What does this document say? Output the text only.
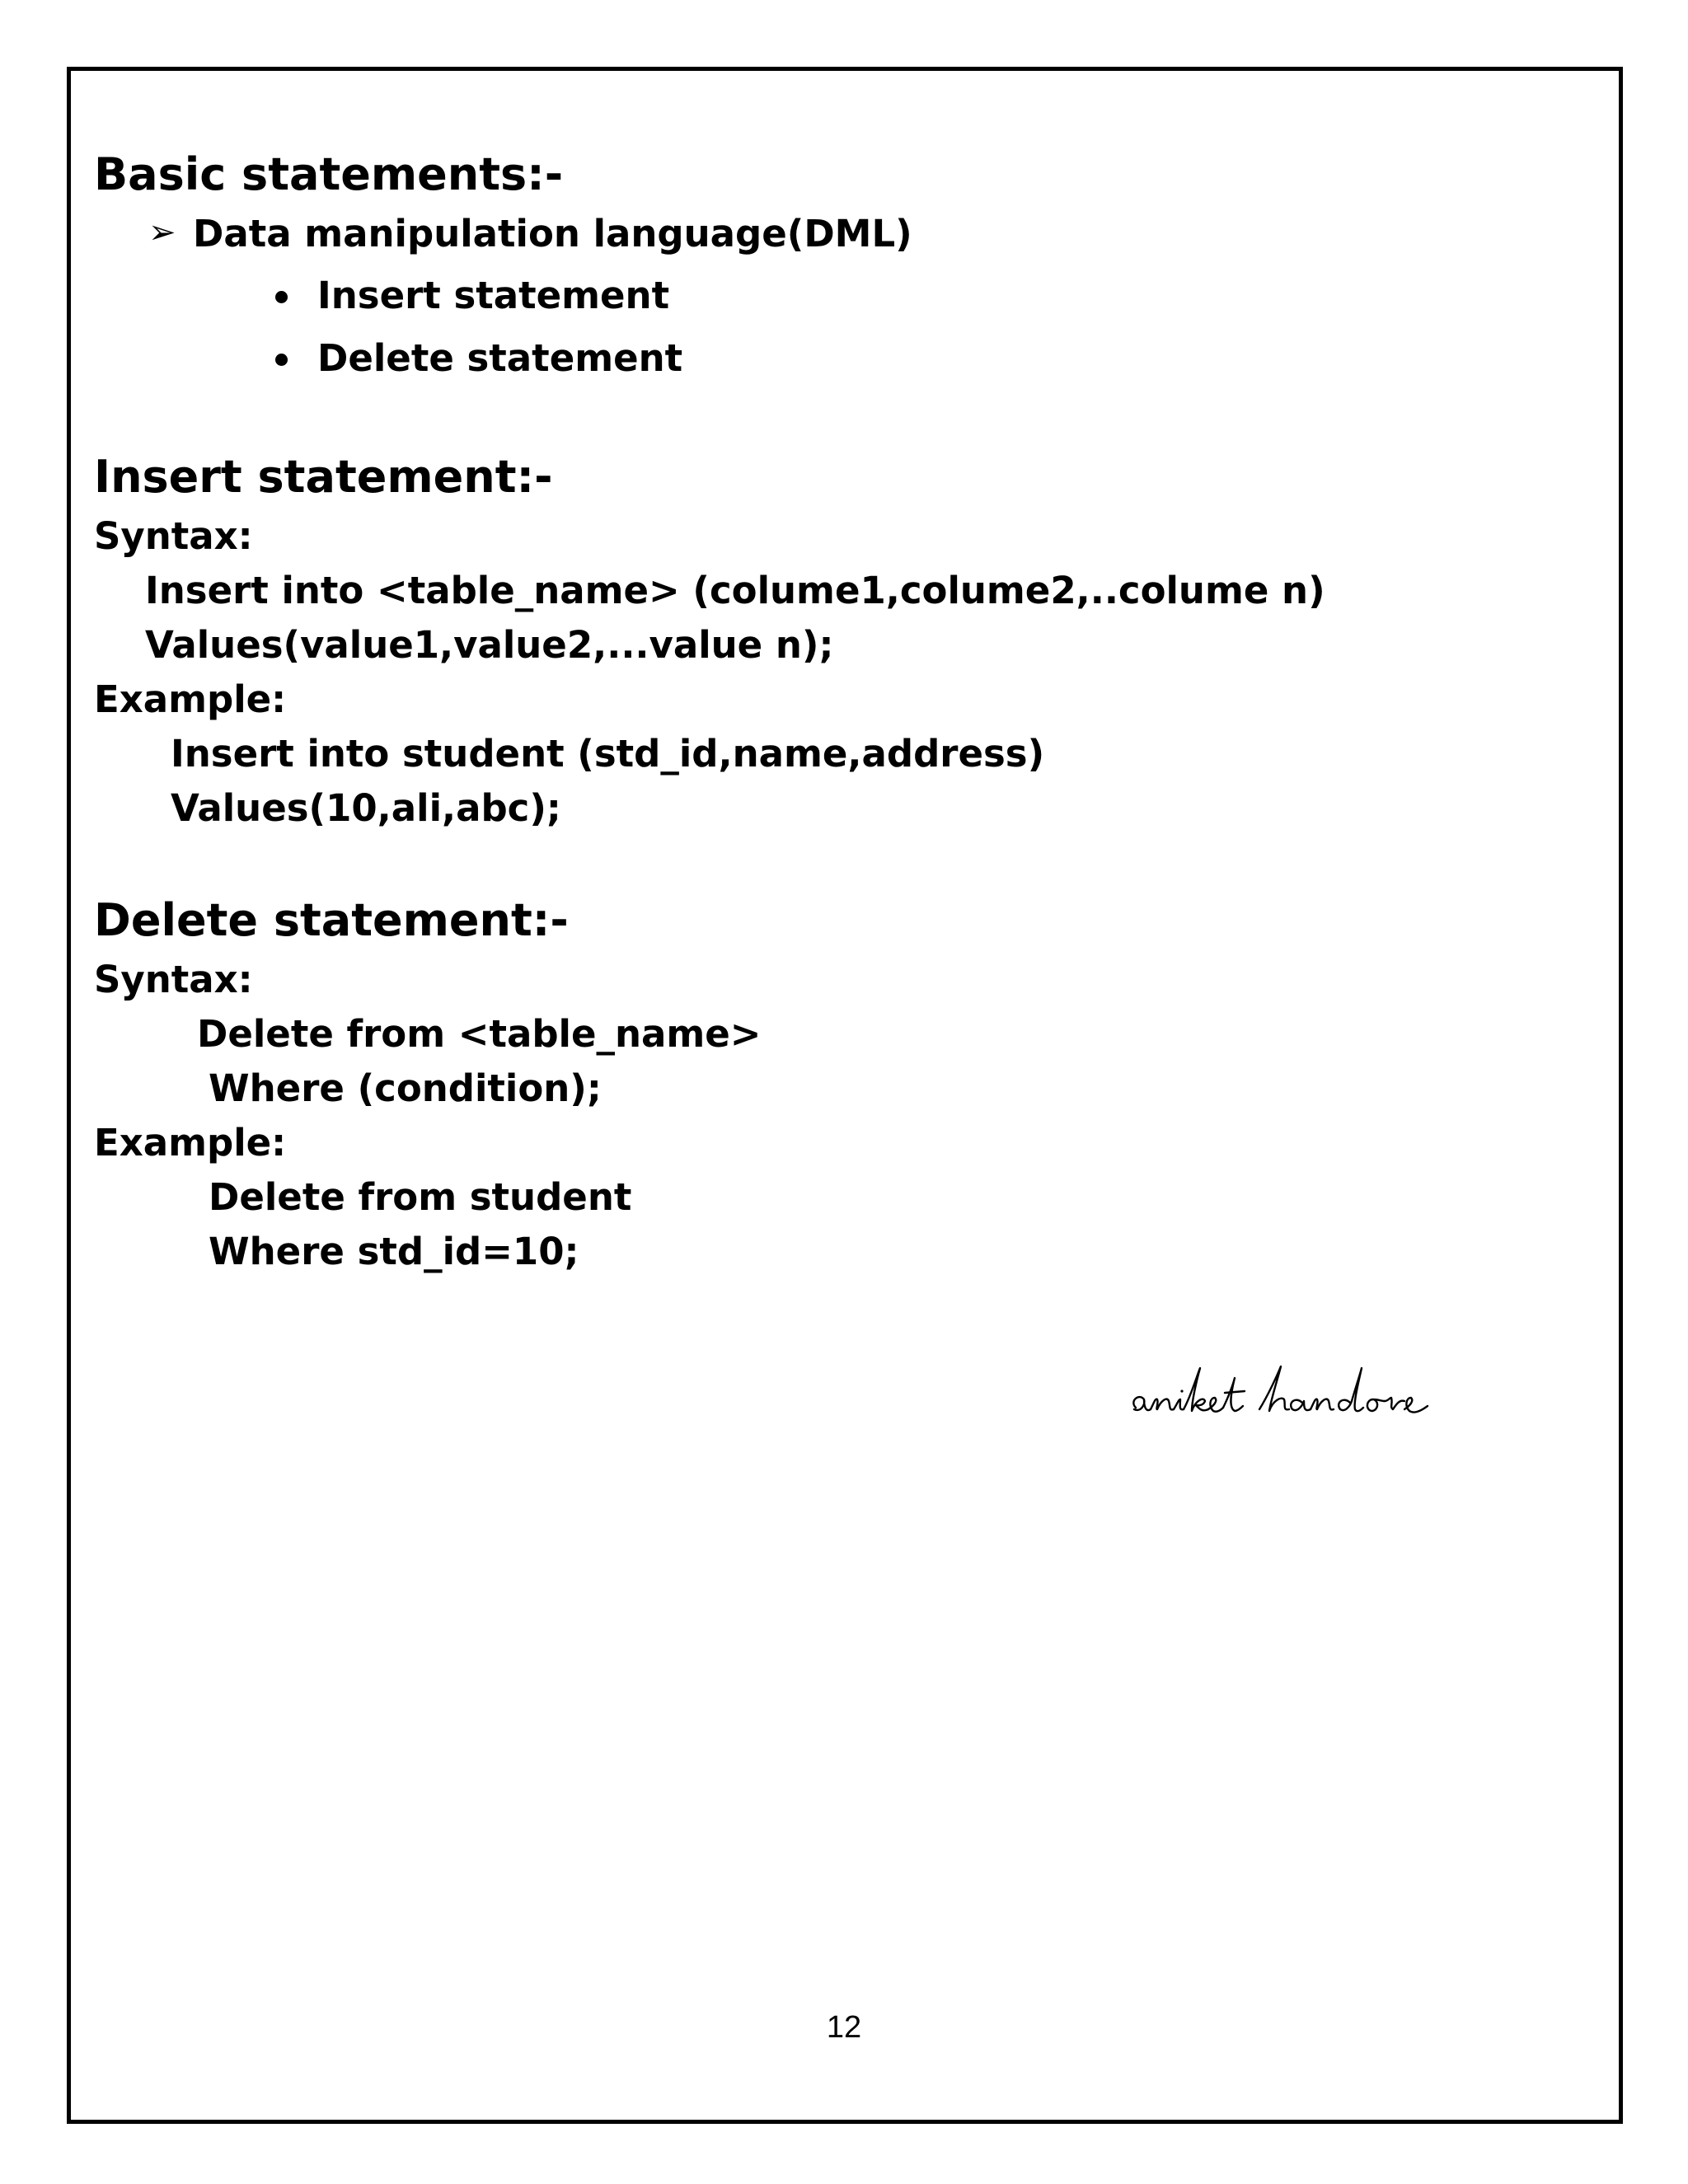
Basic statements:-
➢ Data manipulation language(DML)
Insert statement
Delete statement
Insert statement:-
Syntax:
Insert into <table_name> (colume1,colume2,..colume n)
Values(value1,value2,...value n);
Example:
Insert into student (std_id,name,address)
Values(10,ali,abc);
Delete statement:-
Syntax:
Delete from <table_name>
Where (condition);
Example:
Delete from student
Where std_id=10;
12
